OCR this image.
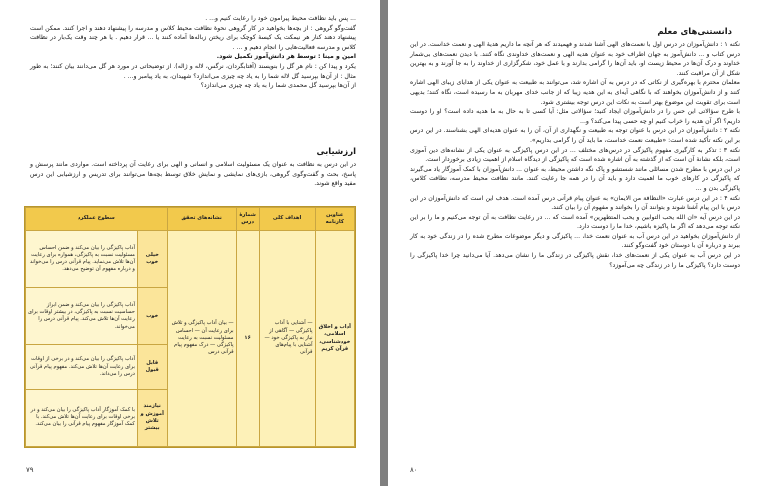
... پس باید نظافت محیط پیرامون خود را رعایت کنیم و... .

گفت‌وگو گروهی : از بچه‌ها بخواهید در کار گروهی نحوهٔ نظافت محیط کلاس و مدرسه را پیشنهاد دهند و اجرا کنند. ممکن است پیشنهاد دهند کنار هر نیمکت یک کیسهٔ کوچک برای ریختن زباله‌ها آماده کنند یا ... قرار دهیم . یا هر چند وقت یک‌بار در نظافت کلاس و مدرسه فعالیت‌هایی را انجام دهیم و ... .

امین و مینا : توسط هر دانش‌آموز تکمیل شود.

یکرد و پیدا کن : نام هر گل را بنویسند (آفتابگردان، نرگس، لاله و ژاله). از توضیحاتی در مورد هر گل می‌دانند بیان کنند؛ به طور مثال : از آن‌ها بپرسید گل لاله شما را به یاد چه چیزی می‌اندازد؟ شهیدان، به یاد پیامبر و... .

از آن‌ها بپرسید گل محمدی شما را به یاد چه چیزی می‌اندازد؟

ارزشیابی
در این درس به نظافت به عنوان یک مسئولیت اسلامی و انسانی و الهی برای رعایت آن پرداخته است. مواردی مانند پرسش و پاسخ، بحث و گفت‌وگوی گروهی، بازی‌های نمایشی و نمایش خلاق توسط بچه‌ها می‌توانند برای تدریس و ارزشیابی این درس مفید واقع شوند.
عناوین کارنامه	اهداف کلی	شمارهٔ درس	نشانه‌های تحقق	سطوح عملکرد	
آداب و اخلاق اسلامی، خودشناسی، قرآن کریم	— آشنایی با آداب پاکیزگی — آگاهی از نیاز به پاکیزگی خود — آشنایی با پیام‌های قرآنی	۱۶	— بیان آداب پاکیزگی و تلاش برای رعایت آن — احساس مسئولیت نسبت به رعایت پاکیزگی — درک مفهوم پیام قرآنی درس	خیلی خوب	آداب پاکیزگی را بیان می‌کند و ضمن احساس مسئولیت نسبت به پاکیزگی، همواره برای رعایت آن‌ها تلاش می‌نماید. پیام قرآنی درس را می‌خواند و درباره مفهوم آن توضیح می‌دهد.
				خوب	آداب پاکیزگی را بیان می‌کند و ضمن ابراز حساسیت نسبت به پاکیزگی، در بیشتر اوقات برای رعایت آن‌ها تلاش می‌کند. پیام قرآنی درس را می‌خواند.
				قابل قبول	آداب پاکیزگی را بیان می‌کند و در برخی از اوقات برای رعایت آن‌ها تلاش می‌کند. مفهوم پیام قرآنی درس را می‌داند.
				نیازمند آموزش و تلاش بیشتر	با کمک آموزگار آداب پاکیزگی را بیان می‌کند و در برخی اوقات برای رعایت آن‌ها تلاش می‌کند. با کمک آموزگار مفهوم پیام قرآنی را بیان می‌کند.
۷۹
دانستنی‌های معلم

نکته ۱ : دانش‌آموزان در درس اول با نعمت‌های الهی آشنا شدند و فهمیدند که هر آنچه ما داریم هدیهٔ الهی و نعمت خداست. در این درس کتاب و ... دانش‌آموز به جهان اطراف خود به عنوان هدیه الهی و نعمت‌های خداوندی نگاه کنند. با دیدن نعمت‌های بی‌شمار خداوند و درک آن‌ها در محیط زیست او، باید آن‌ها را گرامی بدارند و با عمل خود، شکرگزاری از خداوند را به جا آورند و به بهترین شکل از آن مراقبت کنند.

معلمان محترم با بهره‌گیری از نکاتی که در درس به آن اشاره شد، می‌توانند به طبیعت به عنوان یکی از هدایای زیبای الهی اشاره کنند و از دانش‌آموزان بخواهند که با نگاهی آیه‌ای به این هدیه زیبا که از جانب خدای مهربان به ما رسیده است، نگاه کنند؛ بدیهی است برای تقویت این موضوع بهتر است به نکات این درس توجه بیشتری شود.

با طرح سؤالاتی این حس را در دانش‌آموزان ایجاد کنید؛ سؤالاتی مثل: آیا کسی تا به حال به ما هدیه داده است؟ او را دوست داریم؟ اگر آن هدیه را خراب کنیم او چه حسی پیدا می‌کند؟ و...

نکته ۲ : دانش‌آموزان در این درس با عنوان توجه به طبیعت و نگهداری از آن، آن را به عنوان هدیه‌ای الهی بشناسند. در این درس بر این نکته تأکید شده است: «طبیعت نعمت خداست، ما باید آن را گرامی بداریم».

نکته ۳ : تذکر به کارگیری مفهوم پاکیزگی در درس‌های مختلف ... در این درس پاکیزگی به عنوان یکی از نشانه‌های دین آموزی است، بلکه نشانهٔ آن است که از گذشته به آن اشاره شده است که پاکیزگی از دیدگاه اسلام از اهمیت زیادی برخوردار است.

در این درس با مطرح شدن مسائلی مانند شستشو و پاک نگه داشتن محیط، به عنوان ... دانش‌آموزان با کمک آموزگار یاد می‌گیرند که پاکیزگی در کارهای خوب ما اهمیت دارد و باید آن را در همه جا رعایت کنند. مانند نظافت محیط مدرسه، نظافت کلاس، پاکیزگی بدن و ...

نکته ۴ : در این درس عبارت «النظافة من الایمان» به عنوان پیام قرآنی درس آمده است. هدف این است که دانش‌آموزان در این درس با این پیام آشنا شوند و بتوانند آن را بخوانند و مفهوم آن را بیان کنند.

در این درس آیه «ان الله یحب التوابین و یحب المتطهرین» آمده است که ... در رعایت نظافت به آن توجه می‌کنیم و ما را بر این نکته توجه می‌دهد که اگر ما پاکیزه باشیم، خدا ما را دوست دارد.

از دانش‌آموزان بخواهید در این درس آب به عنوان نعمت خدا، ... پاکیزگی و دیگر موضوعات مطرح شده را در زندگی خود به کار ببرند و درباره آن با دوستان خود گفت‌وگو کنند.

در این درس آب به عنوان یکی از نعمت‌های خدا، نقش پاکیزگی در زندگی ما را نشان می‌دهد. آیا می‌دانید چرا خدا پاکیزگی را دوست دارد؟ پاکیزگی ما را در زندگی چه می‌آموزد؟

۸۰
